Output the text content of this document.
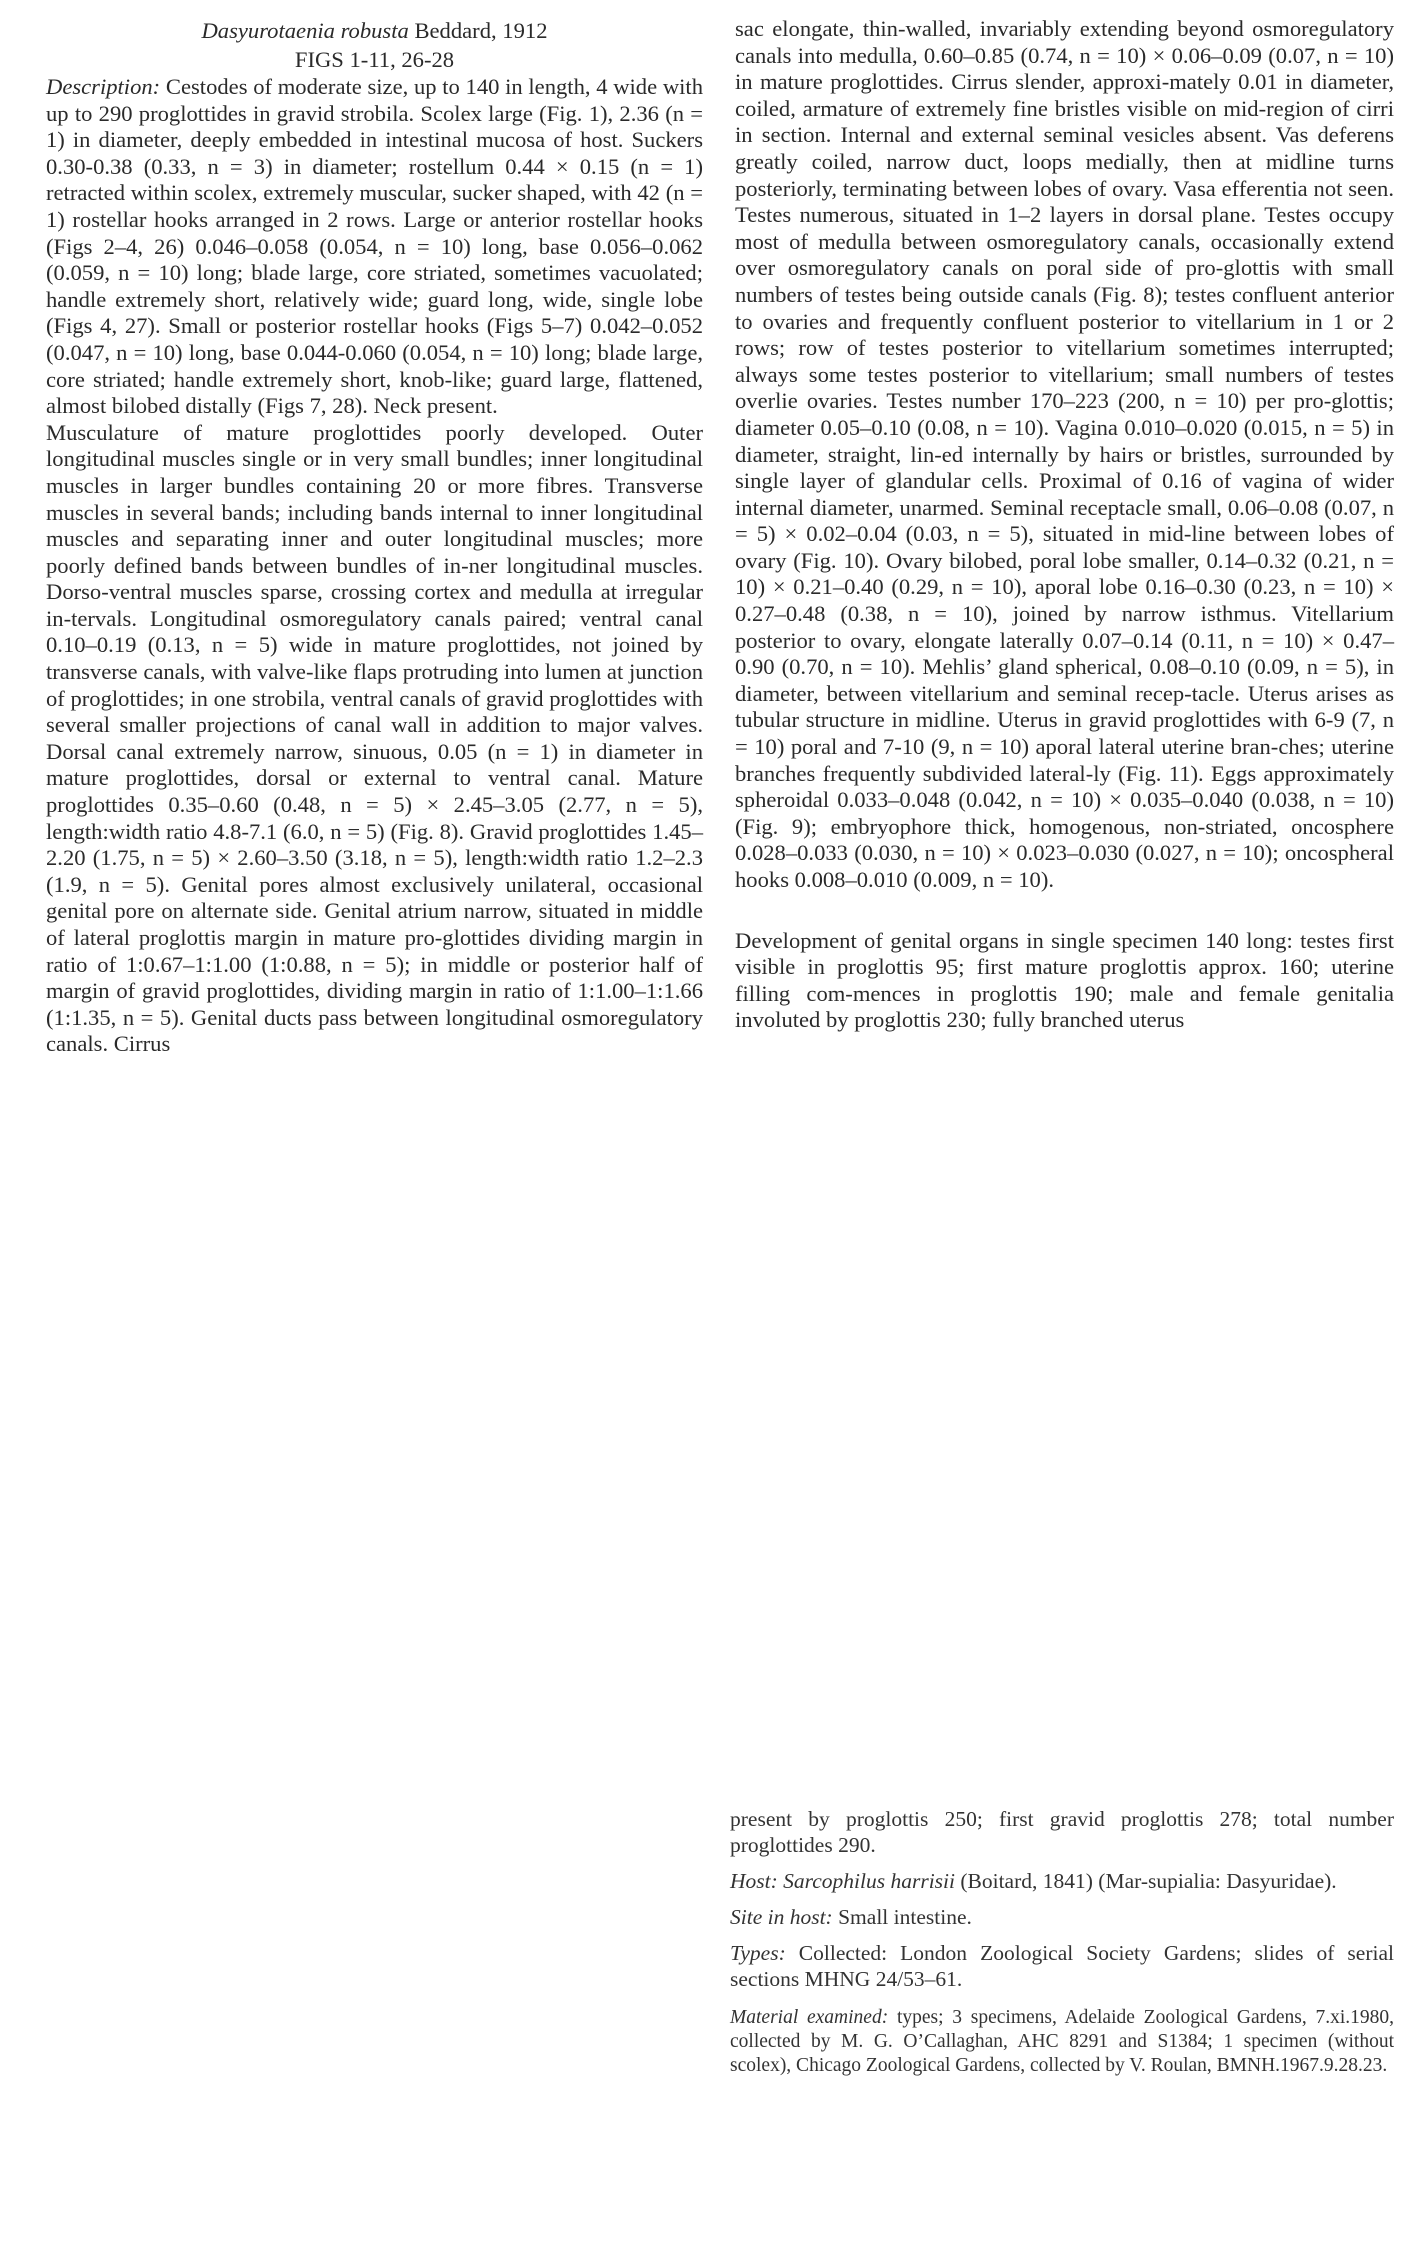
Dasyurotaenia robusta Beddard, 1912
FIGS 1-11, 26-28

Description: Cestodes of moderate size, up to 140 in length, 4 wide with up to 290 proglottides in gravid strobila. Scolex large (Fig. 1), 2.36 (n = 1) in diameter, deeply embedded in intestinal mucosa of host. Suckers 0.30-0.38 (0.33, n = 3) in diameter; rostellum 0.44 × 0.15 (n = 1) retracted within scolex, extremely muscular, sucker shaped, with 42 (n = 1) rostellar hooks arranged in 2 rows. Large or anterior rostellar hooks (Figs 2–4, 26) 0.046–0.058 (0.054, n = 10) long, base 0.056–0.062 (0.059, n = 10) long; blade large, core striated, sometimes vacuolated; handle extremely short, relatively wide; guard long, wide, single lobe (Figs 4, 27). Small or posterior rostellar hooks (Figs 5–7) 0.042–0.052 (0.047, n = 10) long, base 0.044-0.060 (0.054, n = 10) long; blade large, core striated; handle extremely short, knob-like; guard large, flattened, almost bilobed distally (Figs 7, 28). Neck present.

Musculature of mature proglottides poorly developed. Outer longitudinal muscles single or in very small bundles; inner longitudinal muscles in larger bundles containing 20 or more fibres. Transverse muscles in several bands; including bands internal to inner longitudinal muscles and separating inner and outer longitudinal muscles; more poorly defined bands between bundles of in-ner longitudinal muscles. Dorso-ventral muscles sparse, crossing cortex and medulla at irregular in-tervals. Longitudinal osmoregulatory canals paired; ventral canal 0.10–0.19 (0.13, n = 5) wide in mature proglottides, not joined by transverse canals, with valve-like flaps protruding into lumen at junction of proglottides; in one strobila, ventral canals of gravid proglottides with several smaller projections of canal wall in addition to major valves. Dorsal canal extremely narrow, sinuous, 0.05 (n = 1) in diameter in mature proglottides, dorsal or external to ventral canal. Mature proglottides 0.35–0.60 (0.48, n = 5) × 2.45–3.05 (2.77, n = 5), length:width ratio 4.8-7.1 (6.0, n = 5) (Fig. 8). Gravid proglottides 1.45–2.20 (1.75, n = 5) × 2.60–3.50 (3.18, n = 5), length:width ratio 1.2–2.3 (1.9, n = 5). Genital pores almost exclusively unilateral, occasional genital pore on alternate side. Genital atrium narrow, situated in middle of lateral proglottis margin in mature pro-glottides dividing margin in ratio of 1:0.67–1:1.00 (1:0.88, n = 5); in middle or posterior half of margin of gravid proglottides, dividing margin in ratio of 1:1.00–1:1.66 (1:1.35, n = 5). Genital ducts pass between longitudinal osmoregulatory canals. Cirrus

sac elongate, thin-walled, invariably extending beyond osmoregulatory canals into medulla, 0.60–0.85 (0.74, n = 10) × 0.06–0.09 (0.07, n = 10) in mature proglottides. Cirrus slender, approxi-mately 0.01 in diameter, coiled, armature of extremely fine bristles visible on mid-region of cirri in section. Internal and external seminal vesicles absent. Vas deferens greatly coiled, narrow duct, loops medially, then at midline turns posteriorly, terminating between lobes of ovary. Vasa efferentia not seen. Testes numerous, situated in 1–2 layers in dorsal plane. Testes occupy most of medulla between osmoregulatory canals, occasionally extend over osmoregulatory canals on poral side of pro-glottis with small numbers of testes being outside canals (Fig. 8); testes confluent anterior to ovaries and frequently confluent posterior to vitellarium in 1 or 2 rows; row of testes posterior to vitellarium sometimes interrupted; always some testes posterior to vitellarium; small numbers of testes overlie ovaries. Testes number 170–223 (200, n = 10) per pro-glottis; diameter 0.05–0.10 (0.08, n = 10). Vagina 0.010–0.020 (0.015, n = 5) in diameter, straight, lin-ed internally by hairs or bristles, surrounded by single layer of glandular cells. Proximal of 0.16 of vagina of wider internal diameter, unarmed. Seminal receptacle small, 0.06–0.08 (0.07, n = 5) × 0.02–0.04 (0.03, n = 5), situated in mid-line between lobes of ovary (Fig. 10). Ovary bilobed, poral lobe smaller, 0.14–0.32 (0.21, n = 10) × 0.21–0.40 (0.29, n = 10), aporal lobe 0.16–0.30 (0.23, n = 10) × 0.27–0.48 (0.38, n = 10), joined by narrow isthmus. Vitellarium posterior to ovary, elongate laterally 0.07–0.14 (0.11, n = 10) × 0.47–0.90 (0.70, n = 10). Mehlis’ gland spherical, 0.08–0.10 (0.09, n = 5), in diameter, between vitellarium and seminal recep-tacle. Uterus arises as tubular structure in midline. Uterus in gravid proglottides with 6-9 (7, n = 10) poral and 7-10 (9, n = 10) aporal lateral uterine bran-ches; uterine branches frequently subdivided lateral-ly (Fig. 11). Eggs approximately spheroidal 0.033–0.048 (0.042, n = 10) × 0.035–0.040 (0.038, n = 10)(Fig. 9); embryophore thick, homogenous, non-striated, oncosphere 0.028–0.033 (0.030, n = 10) × 0.023–0.030 (0.027, n = 10); oncospheral hooks 0.008–0.010 (0.009, n = 10).

Development of genital organs in single specimen 140 long: testes first visible in proglottis 95; first mature proglottis approx. 160; uterine filling com-mences in proglottis 190; male and female genitalia involuted by proglottis 230; fully branched uterus

present by proglottis 250; first gravid proglottis 278; total number proglottides 290.

Host: Sarcophilus harrisii (Boitard, 1841) (Mar-supialia: Dasyuridae).

Site in host: Small intestine.

Types: Collected: London Zoological Society Gardens; slides of serial sections MHNG 24/53–61.

Material examined: types; 3 specimens, Adelaide Zoological Gardens, 7.xi.1980, collected by M. G. O’Callaghan, AHC 8291 and S1384; 1 specimen (without scolex), Chicago Zoological Gardens, collected by V. Roulan, BMNH.1967.9.28.23.
